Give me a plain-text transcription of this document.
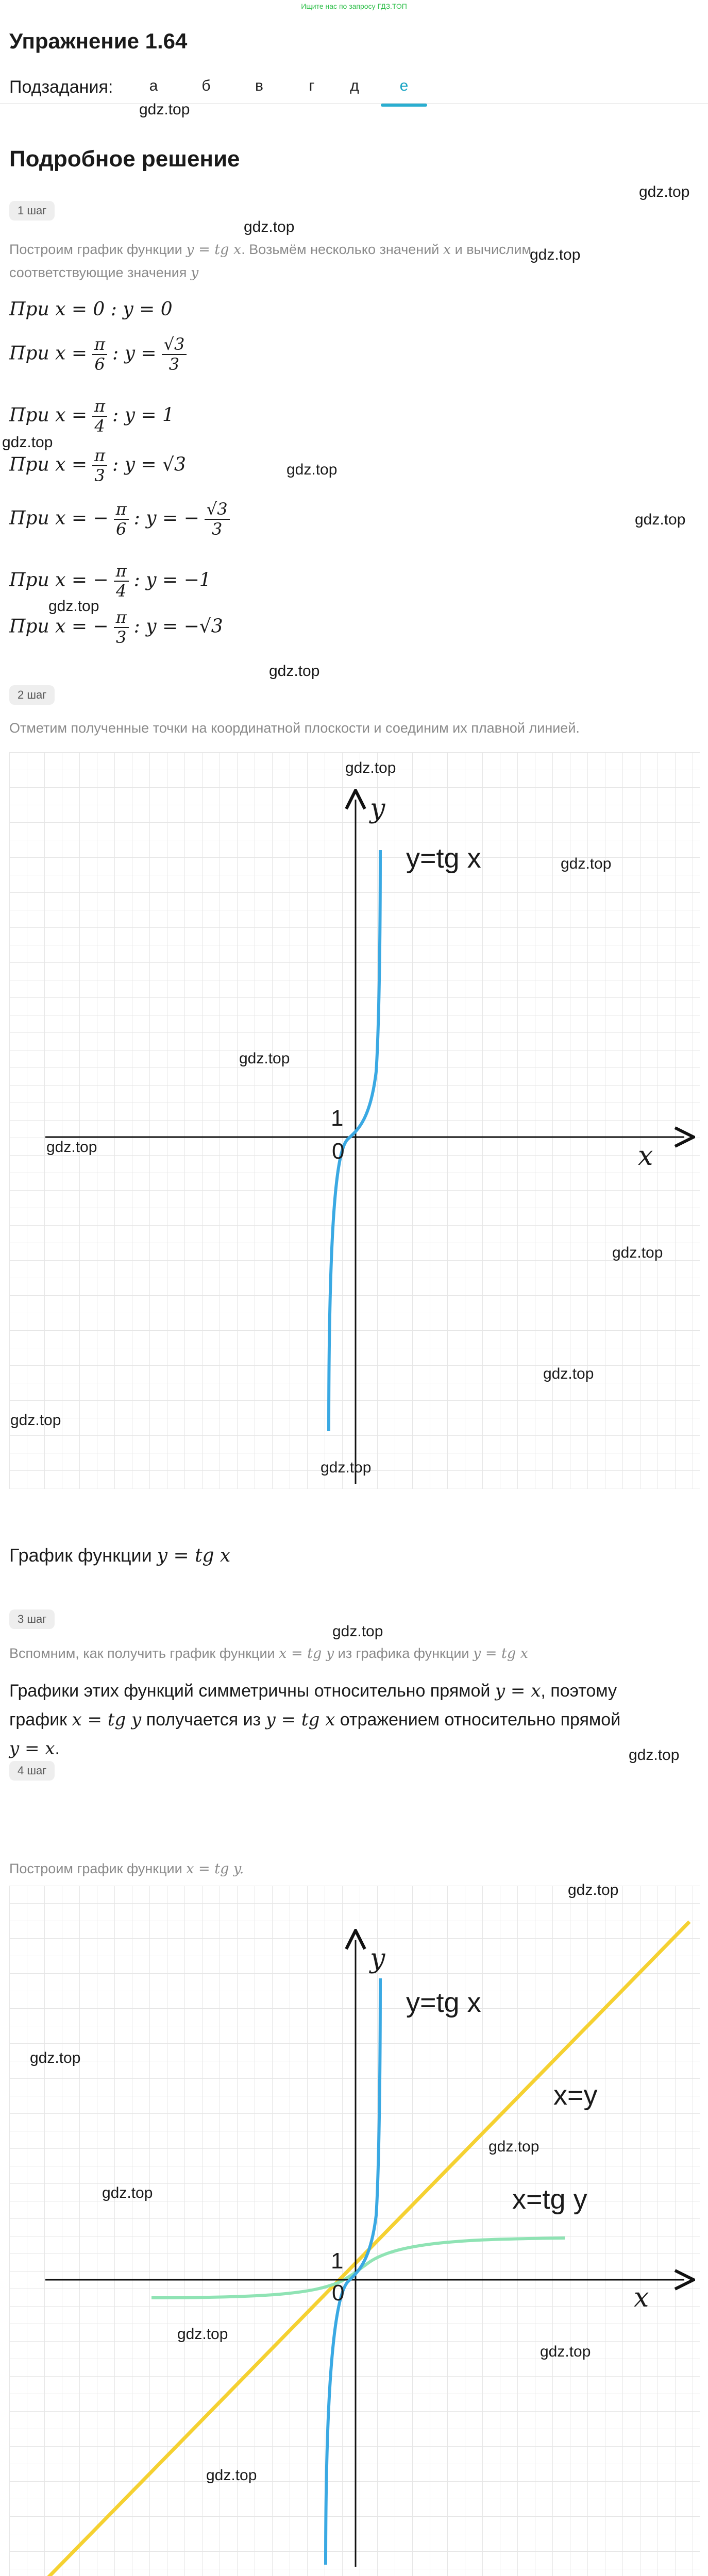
Ищите нас по запросу ГДЗ.ТОП
Упражнение 1.64
Подзадания:	а	б	в	г	д	е
gdz.top
Подробное решение
gdz.top
1 шаг
gdz.top
Построим график функции y = tg x. Возьмём несколько значений x и вычислим
соответствующие значения y
gdz.top
При x = 0 : y = 0
При $x = \frac{\pi}{6}$ : $y = \frac{√3}{3}$
При $x = \frac{\pi}{4}$ : y = 1
gdz.top
При $x = \frac{\pi}{3}$ : y = √3	gdz.top
При x = − $\frac{\pi}{6}$ : y = − $\frac{√3}{3}$	gdz.top
При x = − $\frac{\pi}{4}$ : y = −1
gdz.top
При x = − $\frac{\pi}{3}$ : y = −√3
gdz.top
2 шаг
Отметим полученные точки на координатной плоскости и соединим их плавной линией.
gdz.top
y
y=tg x	gdz.top
gdz.top
1
0
gdz.top	x
gdz.top
gdz.top
gdz.top
gdz.top
График функции y = tg x
gdz.top
3 шаг
Вспомним, как получить график функции x = tg y из графика функции y = tg x
Графики этих функций симметричны относительно прямой y = x, поэтому
график x = tg y получается из y = tg x отражением относительно прямой
y = x.	gdz.top
4 шаг
Построим график функции x = tg y.
gdz.top
y
y=tg x
gdz.top
x=y
gdz.top
gdz.top	x=tg y
1
0	x
gdz.top
gdz.top
gdz.top
